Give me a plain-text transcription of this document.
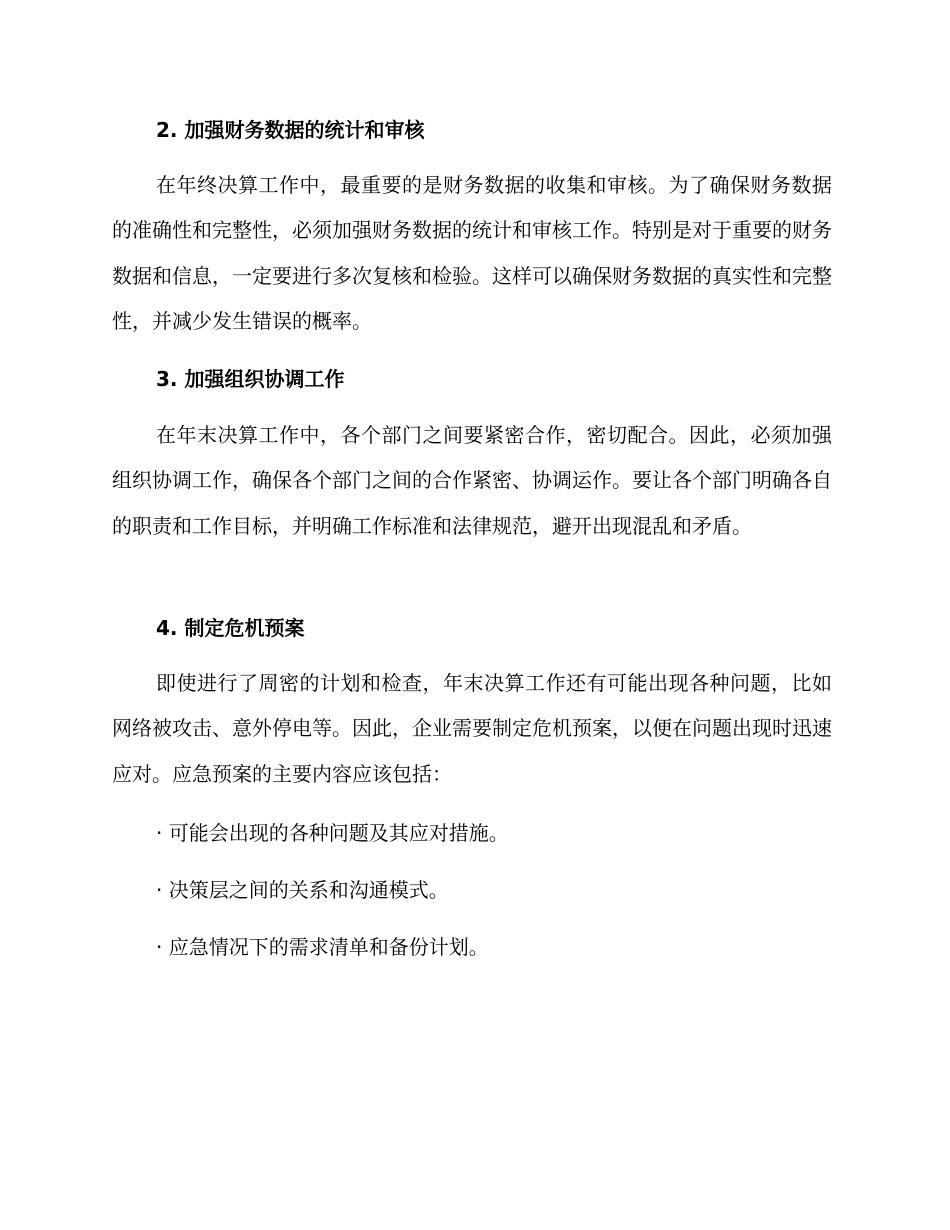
2. 加强财务数据的统计和审核
在年终决算工作中，最重要的是财务数据的收集和审核。为了确保财务数据的准确性和完整性，必须加强财务数据的统计和审核工作。特别是对于重要的财务数据和信息，一定要进行多次复核和检验。这样可以确保财务数据的真实性和完整性，并减少发生错误的概率。
3. 加强组织协调工作
在年末决算工作中，各个部门之间要紧密合作，密切配合。因此，必须加强组织协调工作，确保各个部门之间的合作紧密、协调运作。要让各个部门明确各自的职责和工作目标，并明确工作标准和法律规范，避开出现混乱和矛盾。
4. 制定危机预案
即使进行了周密的计划和检查，年末决算工作还有可能出现各种问题，比如网络被攻击、意外停电等。因此，企业需要制定危机预案，以便在问题出现时迅速应对。应急预案的主要内容应该包括：
· 可能会出现的各种问题及其应对措施。
· 决策层之间的关系和沟通模式。
· 应急情况下的需求清单和备份计划。
